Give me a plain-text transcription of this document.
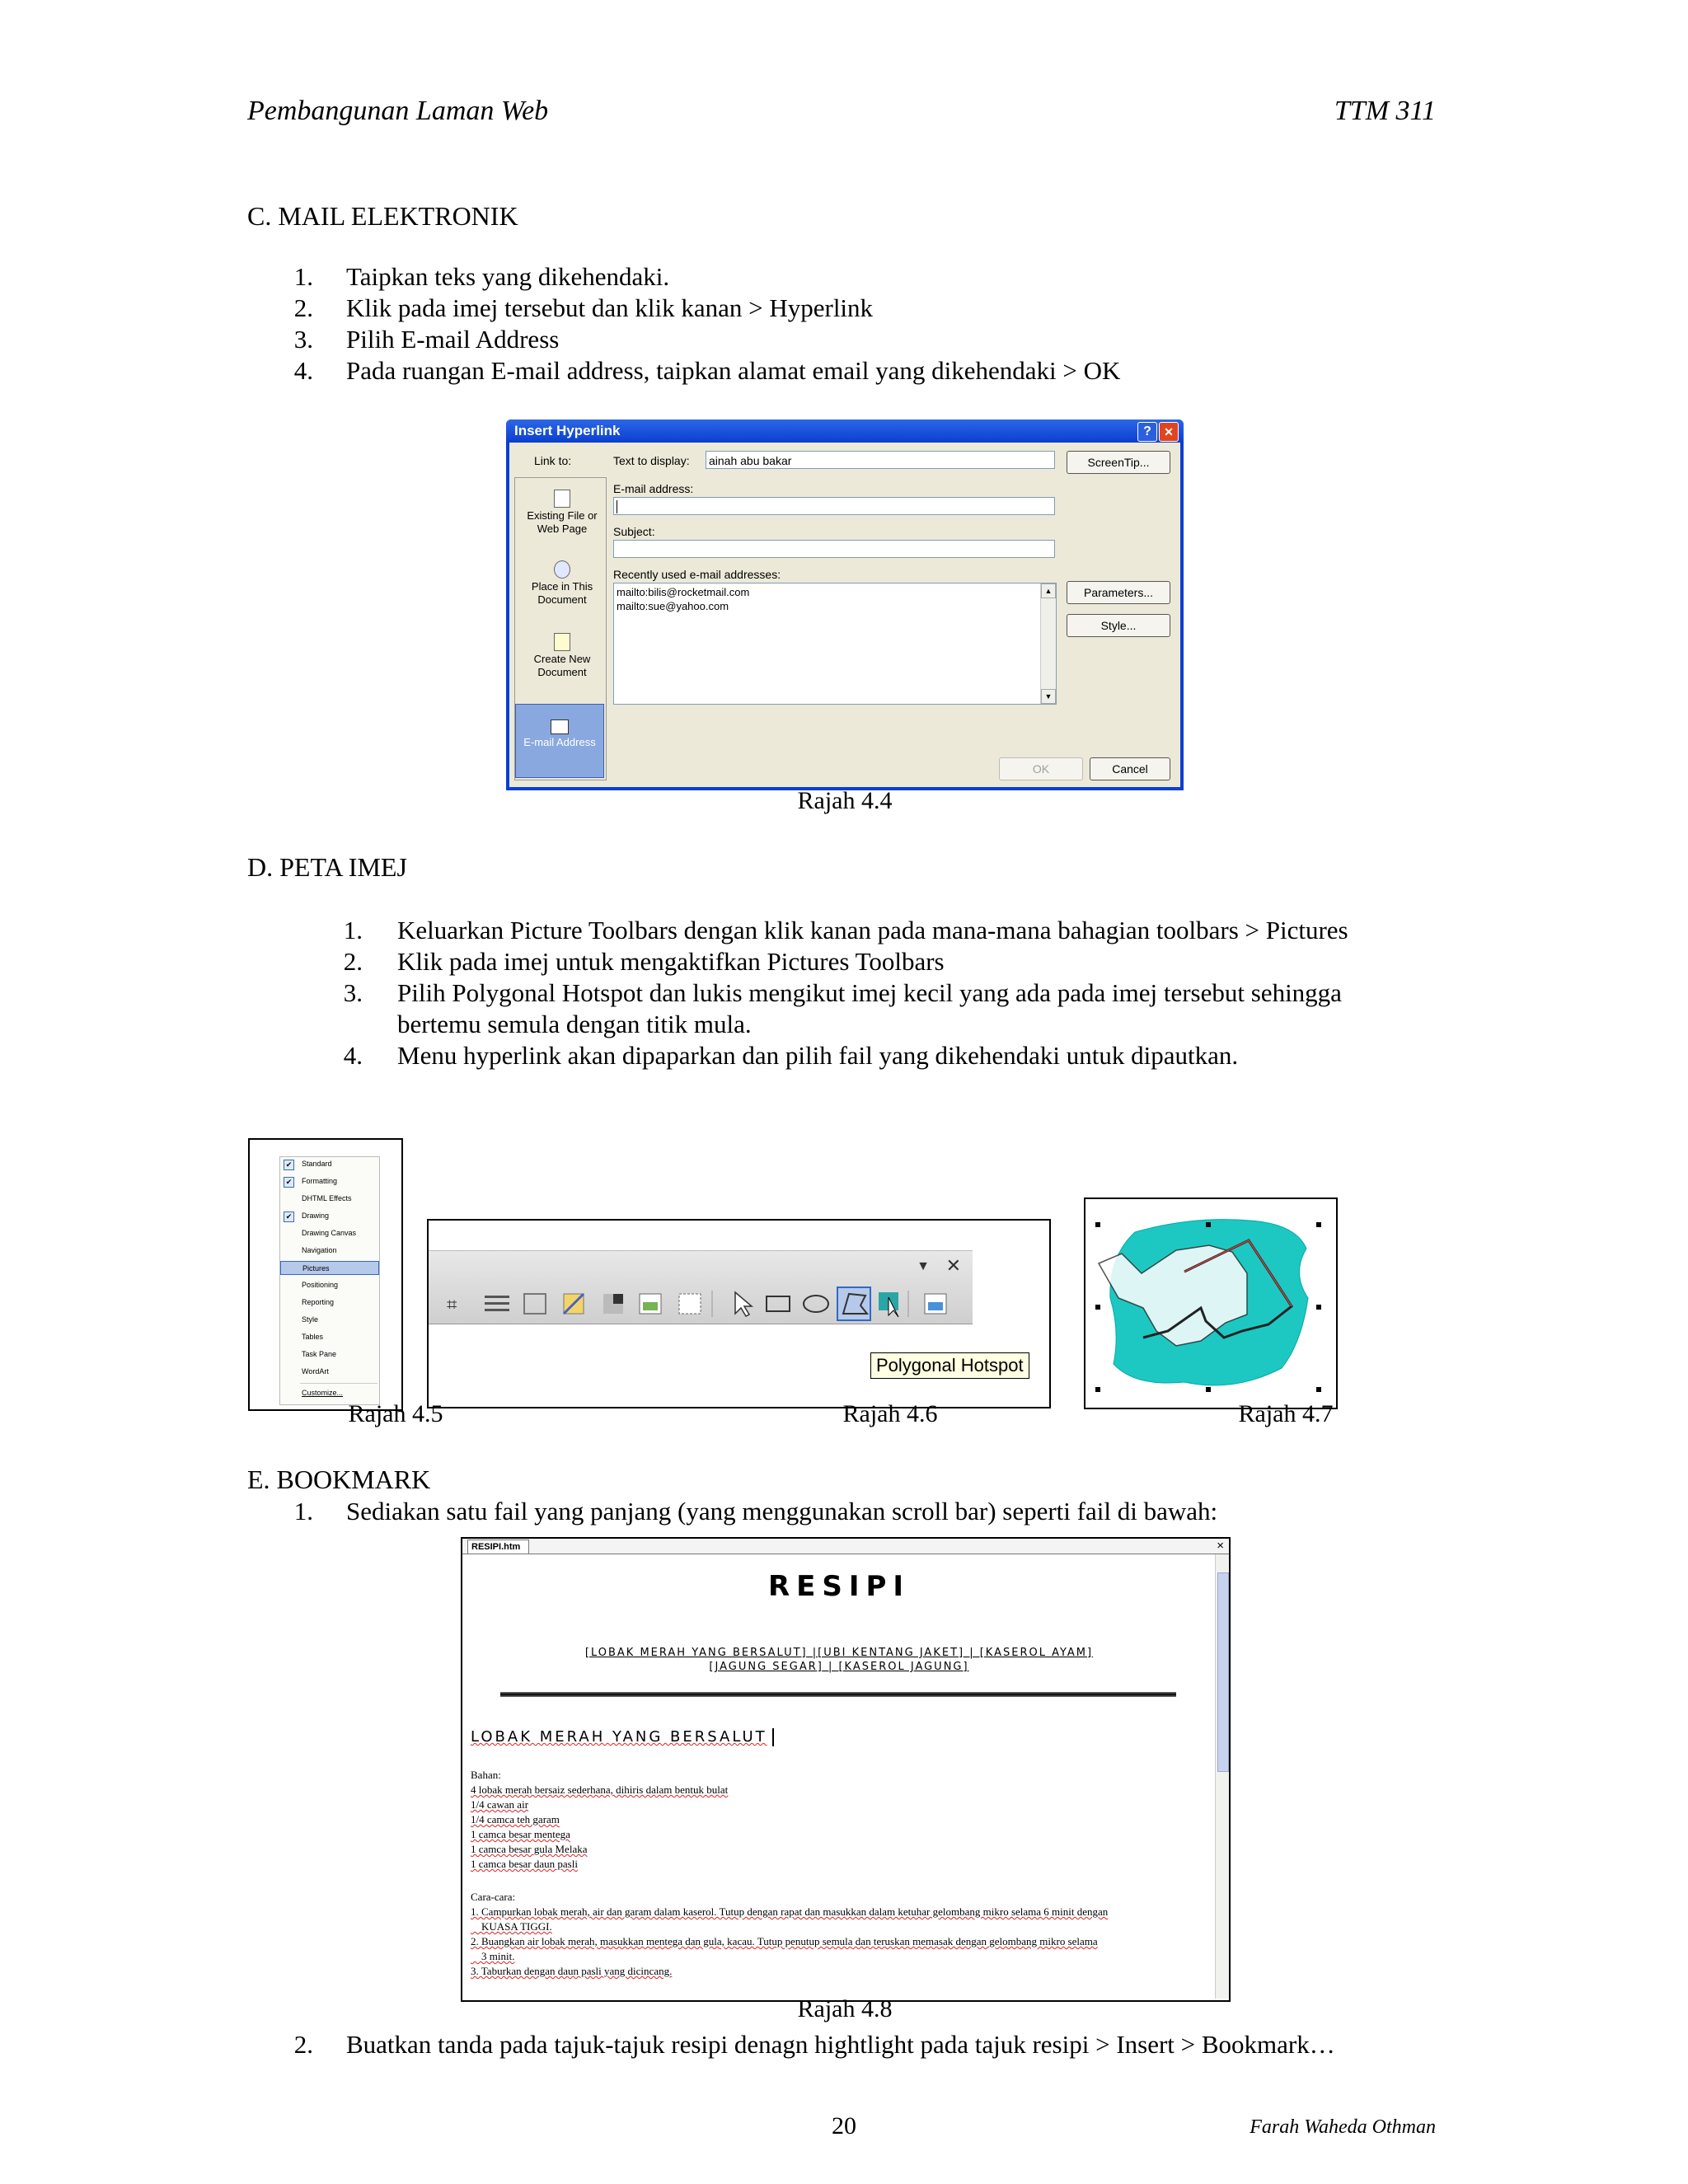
Pembangunan Laman Web	TTM 311
C. MAIL ELEKTRONIK
1. Taipkan teks yang dikehendaki.
2. Klik pada imej tersebut dan klik kanan > Hyperlink
3. Pilih E-mail Address
4. Pada ruangan E-mail address, taipkan alamat email yang dikehendaki > OK
Insert Hyperlink	?	✕
Link to:
Existing File or Web Page
Place in This Document
Create New Document
E-mail Address
Text to display: ainah abu bakar	ScreenTip...
E-mail address:
Subject:
Recently used e-mail addresses:
mailto:bilis@rocketmail.com
mailto:sue@yahoo.com
▲
▼
Parameters...
Style...
OK	Cancel
Rajah 4.4
D. PETA IMEJ
1. Keluarkan Picture Toolbars dengan klik kanan pada mana-mana bahagian toolbars > Pictures
2. Klik pada imej untuk mengaktifkan Pictures Toolbars
3. Pilih Polygonal Hotspot dan lukis mengikut imej kecil yang ada pada imej tersebut sehingga
bertemu semula dengan titik mula.
4. Menu hyperlink akan dipaparkan dan pilih fail yang dikehendaki untuk dipautkan.
✔	Standard
✔	Formatting
DHTML Effects
✔	Drawing
Drawing Canvas
Navigation
Pictures
Positioning
Reporting
Style
Tables
Task Pane
WordArt
Customize...
▼ ✕
⌗
Polygonal Hotspot
Rajah 4.5	Rajah 4.6	Rajah 4.7
E. BOOKMARK
1. Sediakan satu fail yang panjang (yang menggunakan scroll bar) seperti fail di bawah:
RESIPI.htm	×
RESIPI
[LOBAK MERAH YANG BERSALUT] |[UBI KENTANG JAKET] | [KASEROL AYAM]
[JAGUNG SEGAR] | [KASEROL JAGUNG]
LOBAK MERAH YANG BERSALUT
Bahan:
4 lobak merah bersaiz sederhana, dihiris dalam bentuk bulat
1/4 cawan air
1/4 camca teh garam
1 camca besar mentega
1 camca besar gula Melaka
1 camca besar daun pasli
Cara-cara:
1. Campurkan lobak merah, air dan garam dalam kaserol. Tutup dengan rapat dan masukkan dalam ketuhar gelombang mikro selama 6 minit dengan
KUASA TIGGI.
2. Buangkan air lobak merah, masukkan mentega dan gula, kacau. Tutup penutup semula dan teruskan memasak dengan gelombang mikro selama
3 minit.
3. Taburkan dengan daun pasli yang dicincang.
Rajah 4.8
2. Buatkan tanda pada tajuk-tajuk resipi denagn hightlight pada tajuk resipi > Insert > Bookmark…
20	Farah Waheda Othman
